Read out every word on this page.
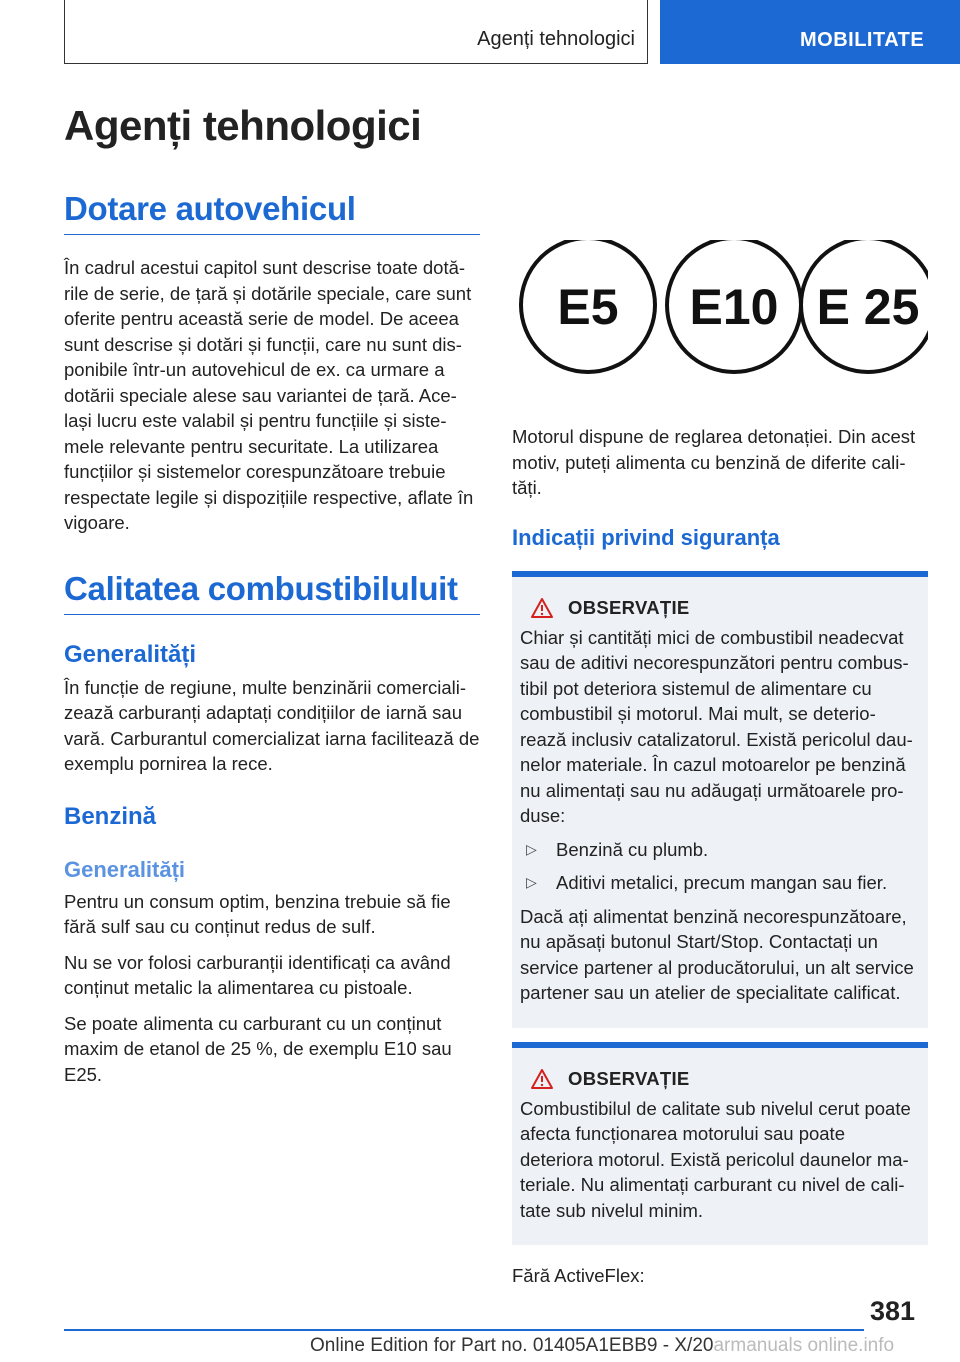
Agenți tehnologici	MOBILITATE
Agenți tehnologici
Dotare autovehicul

În cadrul acestui capitol sunt descrise toate dotă-rile de serie, de țară și dotările speciale, care sunt oferite pentru această serie de model. De aceea sunt descrise și dotări și funcții, care nu sunt dis-ponibile într-un autovehicul de ex. ca urmare a dotării speciale alese sau variantei de țară. Ace-lași lucru este valabil și pentru funcțiile și siste-mele relevante pentru securitate. La utilizarea funcțiilor și sistemelor corespunzătoare trebuie respectate legile și dispozițiile respective, aflate în vigoare.

Calitatea combustibiluluit
Generalități

În funcție de regiune, multe benzinării comerciali-zează carburanți adaptați condițiilor de iarnă sau vară. Carburantul comercializat iarna facilitează de exemplu pornirea la rece.

Benzină
Generalități

Pentru un consum optim, benzina trebuie să fie fără sulf sau cu conținut redus de sulf.

Nu se vor folosi carburanții identificați ca având conținut metalic la alimentarea cu pistoale.

Se poate alimenta cu carburant cu un conținut maxim de etanol de 25 %, de exemplu E10 sau E25.

E5 E10 E 25

Motorul dispune de reglarea detonației. Din acest motiv, puteți alimenta cu benzină de diferite cali-tăți.

Indicații privind siguranța
OBSERVAȚIE

Chiar și cantități mici de combustibil neadecvat sau de aditivi necorespunzători pentru combus-tibil pot deteriora sistemul de alimentare cu combustibil și motorul. Mai mult, se deterio-rează inclusiv catalizatorul. Există pericolul dau-nelor materiale. În cazul motoarelor pe benzină nu alimentați sau nu adăugați următoarele pro-duse:

▷	Benzină cu plumb.

▷	Aditivi metalici, precum mangan sau fier.

Dacă ați alimentat benzină necorespunzătoare, nu apăsați butonul Start/Stop. Contactați un service partener al producătorului, un alt service partener sau un atelier de specialitate calificat.

OBSERVAȚIE

Combustibilul de calitate sub nivelul cerut poate afecta funcționarea motorului sau poate deteriora motorul. Există pericolul daunelor ma-teriale. Nu alimentați carburant cu nivel de cali-tate sub nivelul minim.

Fără ActiveFlex:

381
Online Edition for Part no. 01405A1EBB9 - X/20armanuals online.info
